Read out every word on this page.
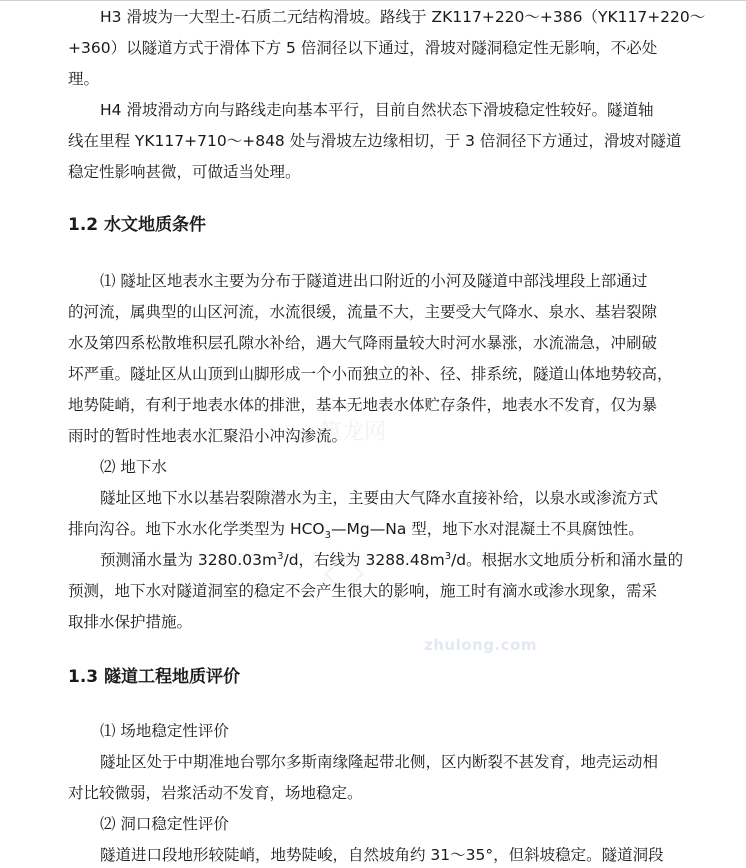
筑龙网
zhulong.com
H3 滑坡为一大型土-石质二元结构滑坡。路线于 ZK117+220～+386（YK117+220～
+360）以隧道方式于滑体下方 5 倍洞径以下通过，滑坡对隧洞稳定性无影响，不必处
理。
H4 滑坡滑动方向与路线走向基本平行，目前自然状态下滑坡稳定性较好。隧道轴
线在里程 YK117+710～+848 处与滑坡左边缘相切，于 3 倍洞径下方通过，滑坡对隧道
稳定性影响甚微，可做适当处理。
1.2 水文地质条件
⑴ 隧址区地表水主要为分布于隧道进出口附近的小河及隧道中部浅埋段上部通过
的河流，属典型的山区河流，水流很缓，流量不大，主要受大气降水、泉水、基岩裂隙
水及第四系松散堆积层孔隙水补给，遇大气降雨量较大时河水暴涨，水流湍急，冲刷破
坏严重。隧址区从山顶到山脚形成一个小而独立的补、径、排系统，隧道山体地势较高，
地势陡峭，有利于地表水体的排泄，基本无地表水体贮存条件，地表水不发育，仅为暴
雨时的暂时性地表水汇聚沿小冲沟渗流。
⑵ 地下水
隧址区地下水以基岩裂隙潜水为主，主要由大气降水直接补给，以泉水或渗流方式
排向沟谷。地下水水化学类型为 $HCO_3—Mg—Na$ 型，地下水对混凝土不具腐蚀性。
预测涌水量为 $3280.03m^3/d$，右线为 $3288.48m^3/d$。根据水文地质分析和涌水量的
预测，地下水对隧道洞室的稳定不会产生很大的影响，施工时有滴水或渗水现象，需采
取排水保护措施。
1.3 隧道工程地质评价
⑴ 场地稳定性评价
隧址区处于中期准地台鄂尔多斯南缘隆起带北侧，区内断裂不甚发育，地壳运动相
对比较微弱，岩浆活动不发育，场地稳定。
⑵ 洞口稳定性评价
隧道进口段地形较陡峭，地势陡峻，自然坡角约 31～35°，但斜坡稳定。隧道洞段
